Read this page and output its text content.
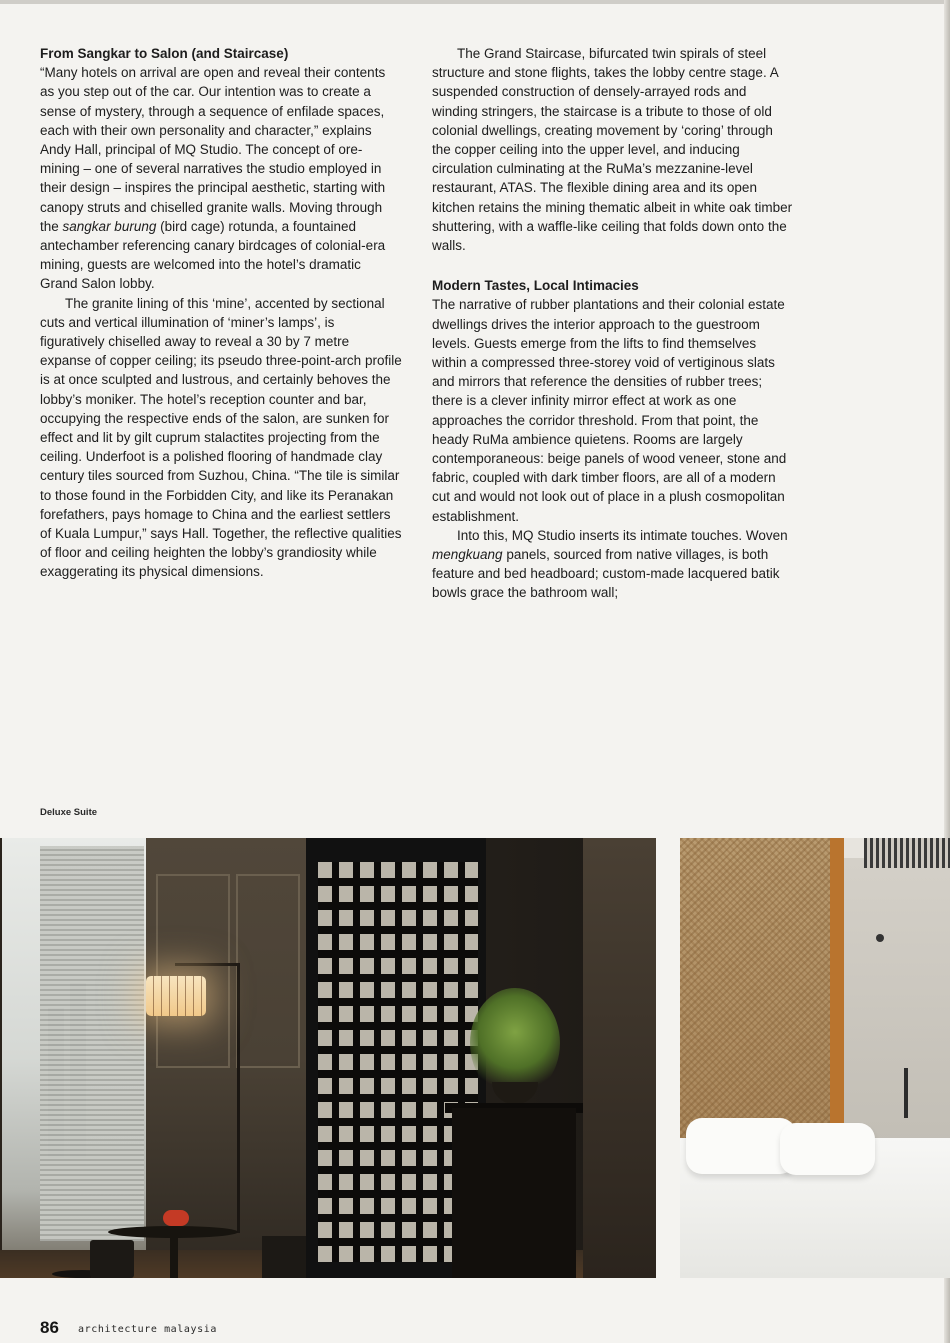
From Sangkar to Salon (and Staircase)

“Many hotels on arrival are open and reveal their contents as you step out of the car. Our intention was to create a sense of mystery, through a sequence of enfilade spaces, each with their own personality and character,” explains Andy Hall, principal of MQ Studio. The concept of ore-mining – one of several narratives the studio employed in their design – inspires the principal aesthetic, starting with canopy struts and chiselled granite walls. Moving through the sangkar burung (bird cage) rotunda, a fountained antechamber referencing canary birdcages of colonial-era mining, guests are welcomed into the hotel’s dramatic Grand Salon lobby.

The granite lining of this ‘mine’, accented by sectional cuts and vertical illumination of ‘miner’s lamps’, is figuratively chiselled away to reveal a 30 by 7 metre expanse of copper ceiling; its pseudo three-point-arch profile is at once sculpted and lustrous, and certainly behoves the lobby’s moniker. The hotel’s reception counter and bar, occupying the respective ends of the salon, are sunken for effect and lit by gilt cuprum stalactites projecting from the ceiling. Underfoot is a polished flooring of handmade clay century tiles sourced from Suzhou, China. “The tile is similar to those found in the Forbidden City, and like its Peranakan forefathers, pays homage to China and the earliest settlers of Kuala Lumpur,” says Hall. Together, the reflective qualities of floor and ceiling heighten the lobby’s grandiosity while exaggerating its physical dimensions.

The Grand Staircase, bifurcated twin spirals of steel structure and stone flights, takes the lobby centre stage. A suspended construction of densely-arrayed rods and winding stringers, the staircase is a tribute to those of old colonial dwellings, creating movement by ‘coring’ through the copper ceiling into the upper level, and inducing circulation culminating at the RuMa’s mezzanine-level restaurant, ATAS. The flexible dining area and its open kitchen retains the mining thematic albeit in white oak timber shuttering, with a waffle-like ceiling that folds down onto the walls.

Modern Tastes, Local Intimacies

The narrative of rubber plantations and their colonial estate dwellings drives the interior approach to the guestroom levels. Guests emerge from the lifts to find themselves within a compressed three-storey void of vertiginous slats and mirrors that reference the densities of rubber trees; there is a clever infinity mirror effect at work as one approaches the corridor threshold. From that point, the heady RuMa ambience quietens. Rooms are largely contemporaneous: beige panels of wood veneer, stone and fabric, coupled with dark timber floors, are all of a modern cut and would not look out of place in a plush cosmopolitan establishment.

Into this, MQ Studio inserts its intimate touches. Woven mengkuang panels, sourced from native villages, is both feature and bed headboard; custom-made lacquered batik bowls grace the bathroom wall;

Deluxe Suite
86 architecture malaysia
